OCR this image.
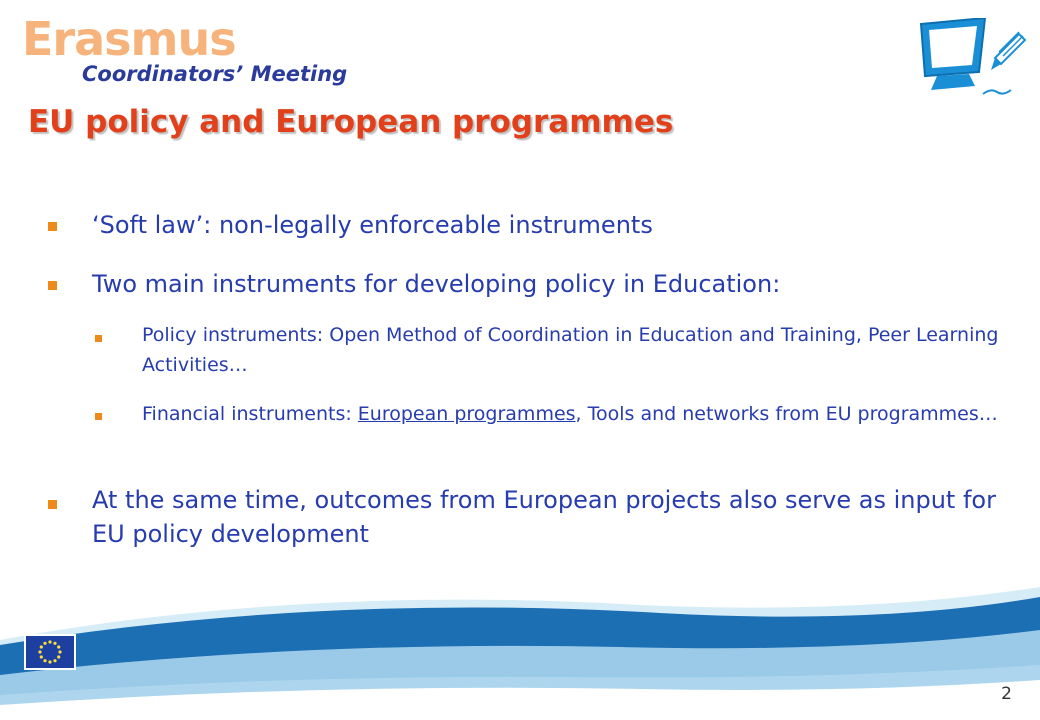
Erasmus
Coordinators’ Meeting
EU policy and European programmes
‘Soft law’: non-legally enforceable instruments
Two main instruments for developing policy in Education:
Policy instruments: Open Method of Coordination in Education and Training, Peer Learning Activities…
Financial instruments: European programmes, Tools and networks from EU programmes…
At the same time, outcomes from European projects also serve as input for EU policy development
2
